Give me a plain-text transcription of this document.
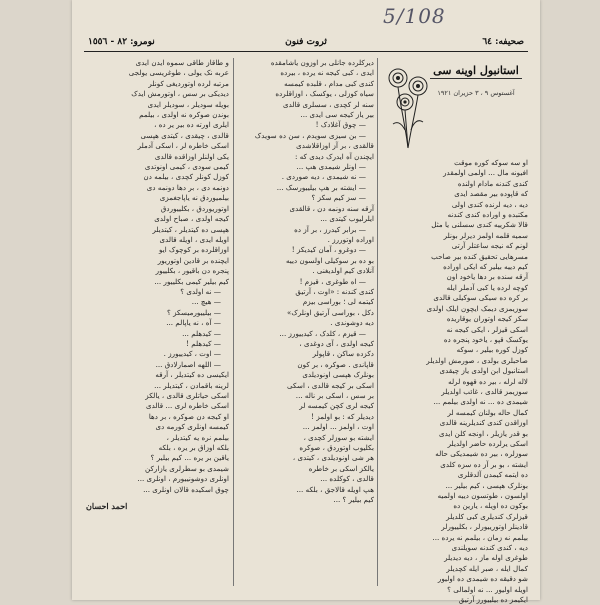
5/108
صحیفه: ٦٤
ثروت فنون
نومرو: ٨٢ - ١٥٥٦
استانبول اوینه سی
آغستوس ٩ ، ٣ حزیران ١٩٢١
او سه سوکه کوره موقت
افیونه مال ... اولمی اولمقدر
کندی کندنه مادام اولنده
که قاپوده بیر مقصد ایدی
دیه ، دیه لرنده کندی اولی
مکتبده و اوراده کندی کندنه
قالا شکرییه کندی سسلنی یا مثل
سمیه قلمه اولمز دیرلر بونلر
لونم که نیجه ساعتلر آرتی
مسرهایی تحقیق کنده بیر صاحب
کیم دییه بیلیر که ایکی اوراده
آرقه سنده بر دها یاخود اون
کوچه لرده یا کبی آدملر ایله
بر کره ده سیکی سوکیلی قالدی
سوزیمزی دیمک ایچون ایلک اولدی
سکز کیجه اوتوران یوقاریده
اسکی قیزلر ، ایکی کیجه نه
یوکسک قپو ، یاخود پنجره ده
کوزل کوره بیلیر ، سوکه
صاحبلری بولدی ، صورمش اولدیلر
استانبول ابن اولدی یاز چیقدی
لاله لرله ، بیر ده قهوه لرله
سوزیمز قالدی ، غائب اولدیلر
شیمدی ده ... نه اولدی بیلمم ...
کمال حاله بولنان کیمسه لر
اوزاقدن کندی کندیلرینه قالدی
بو قدر یازیلر ، اونجه کلن ایدی
اسکی یرلرده حاضر اولدیلر
سوزلره ، بیر ده شیمدیکی حاله
ایشته ، بو بر آز ده سزه کلدی
ده ایتمه کیمدن آلدقلری
بونلرک هپسی ، کیم بیلیر ...
اولسون ، طوتسون دییه اولمیه
بوکون ده اویله ، یارین ده
قیزلرک کندیلری کبی کلدیلر
قادینلر اوتورییورلر ، بکلییورلر
بیلمم نه زمان ، بیلمم نه یرده ...
دیه ، کندی کندنه سویلندی
طوغری اوله ماز ، دیه دیدیلر
کمال ایله ، صبر ایله کچدیلر
شو دقیقه ده شیمدی ده اولیور
اویله اولیور ... نه اولمالی ؟
ایکیمز ده بیلییورز آرتیق
دیرکلرده جانلی بر اوزون یاشامقده
ایدی ، کبی کیجه نه یرده ، بیرده
کندی کبی مدام ، قلبده کیمسه
سیاه کوزلی ، یوکسک ، اوزاقلرده
سنه لر کچدی ، سسلری قالدی
بیر یاز کیجه سی ایدی ...
— چوق آغلادک !
— بن سیزی سویدم ، سن ده سویدک
قالقدی ، بر آز اوزاقلاشدی
ایچندن آه ایدرک دیدی که :
— اونلر شیمدی هپ ...
— نه شیمدی ، دیه صوردی .
— ایشته بر هپ بیلییورسک ...
— سز کیم سکز ؟
آرقه سنه دونمه دن ، قالقدی
ایلرلیوب کیتدی ...
— برابر کیدرز ، بر آز ده
اوراده اوتوررز .
— دوغرو ، آمان کیدیکز !
بو ده بر سوکیلی اولسون دییه
آنلادی کیم اولدیغنی .
— اه طوغری ، قیزم !
کندی کندنه : «اوت ، آرتیق
کیتمه لی ؛ بوراسی بیزم
دکل ، بوراسی آرتیق اونلرک»
دیه دوشوندی .
— قیزم ، کلدک ، کیدییورز ...
کیجه اولدی ، آی دوغدی ،
دکزده ساکن ، قاپولر
قاپاندی . صوکره ، بر کون
بونلرک هپسی اونودیلدی
اسکی بر کیجه قالدی ، اسکی
بر سس ، اسکی بر ناله ...
کیجه لری کچن کیمسه لر
دیدیلر که : بو اولمز !
اوت ، اولمز ... اولمز ...
ایشته بو سوزلر کچدی ،
بکلیوب اوتوردق ، صوکره
هر شی اونودیلدی ، کیتدی ،
یالکز اسکی بر خاطره
قالدی ، کوکلده ...
هپ اویله قالاجق ، بلکه ...
کیم بیلیر ؟ ...
و طاقاز طاقی سموه ایدن ایدی
عربه نک یولی ، طوغریسی یولجی
مرتبه لرده اوتوردیغی کونلر
دیدیکی بر سس ، اوتورمش ایدک
بویله سودیلر ، سودیلر ایدی
بوندن صوکره نه اولدی ، بیلمم
ایلری اورته ده بیر یر ده ،
قالدی ، چیقدی ، کیتدی هپسی
اسکی خاطره لر ، اسکی آدملر
یکی اولنلر اوزاقده قالدی
کیمی سودی ، کیمی اونوتدی
کوزل کونلر کچدی ، بیلمه دن
دونمه دی ، بر دها دونمه دی
بیلمیوردق نه یاپاجغمزی
اوتوریوردق ، بکلییوردق
کیجه اولدی ، صباح اولدی
هپسی ده کیتدیلر ، کیتدیلر
اویله ایدی ، اویله قالدی
اوزاقلرده بر کوچوک ایو
ایچنده بر قادین اوتوریور
پنجره دن باقیور ، بکلییور
کیم بیلیر کیمی بکلییور ...
— نه اولدی ؟
— هیچ ...
— بیلییورمیسکز ؟
— آه ، نه یاپالم ...
— کیدهلم ...
— کیدهلم !
— اوت ، کیدییورز .
— اللهه اصمارلادق ...
ایکیسی ده کیتدیلر ، آرقه
لرینه باقمادن ، کیتدیلر ...
اسکی حیاتلری قالدی ، یالکز
اسکی خاطره لری ... قالدی
او کیجه دن صوکره ، بر دها
کیمسه اونلری کورمه دی
بیلمم نره یه کیتدیلر ،
بلکه اوزاق بر یره ، بلکه
یاقین بر یره ... کیم بیلیر ؟
شیمدی بو سطرلری یازارکن
اونلری دوشونییورم ، اونلری ...
چوق اسکیده قالان اونلری ...
احمد احسان
